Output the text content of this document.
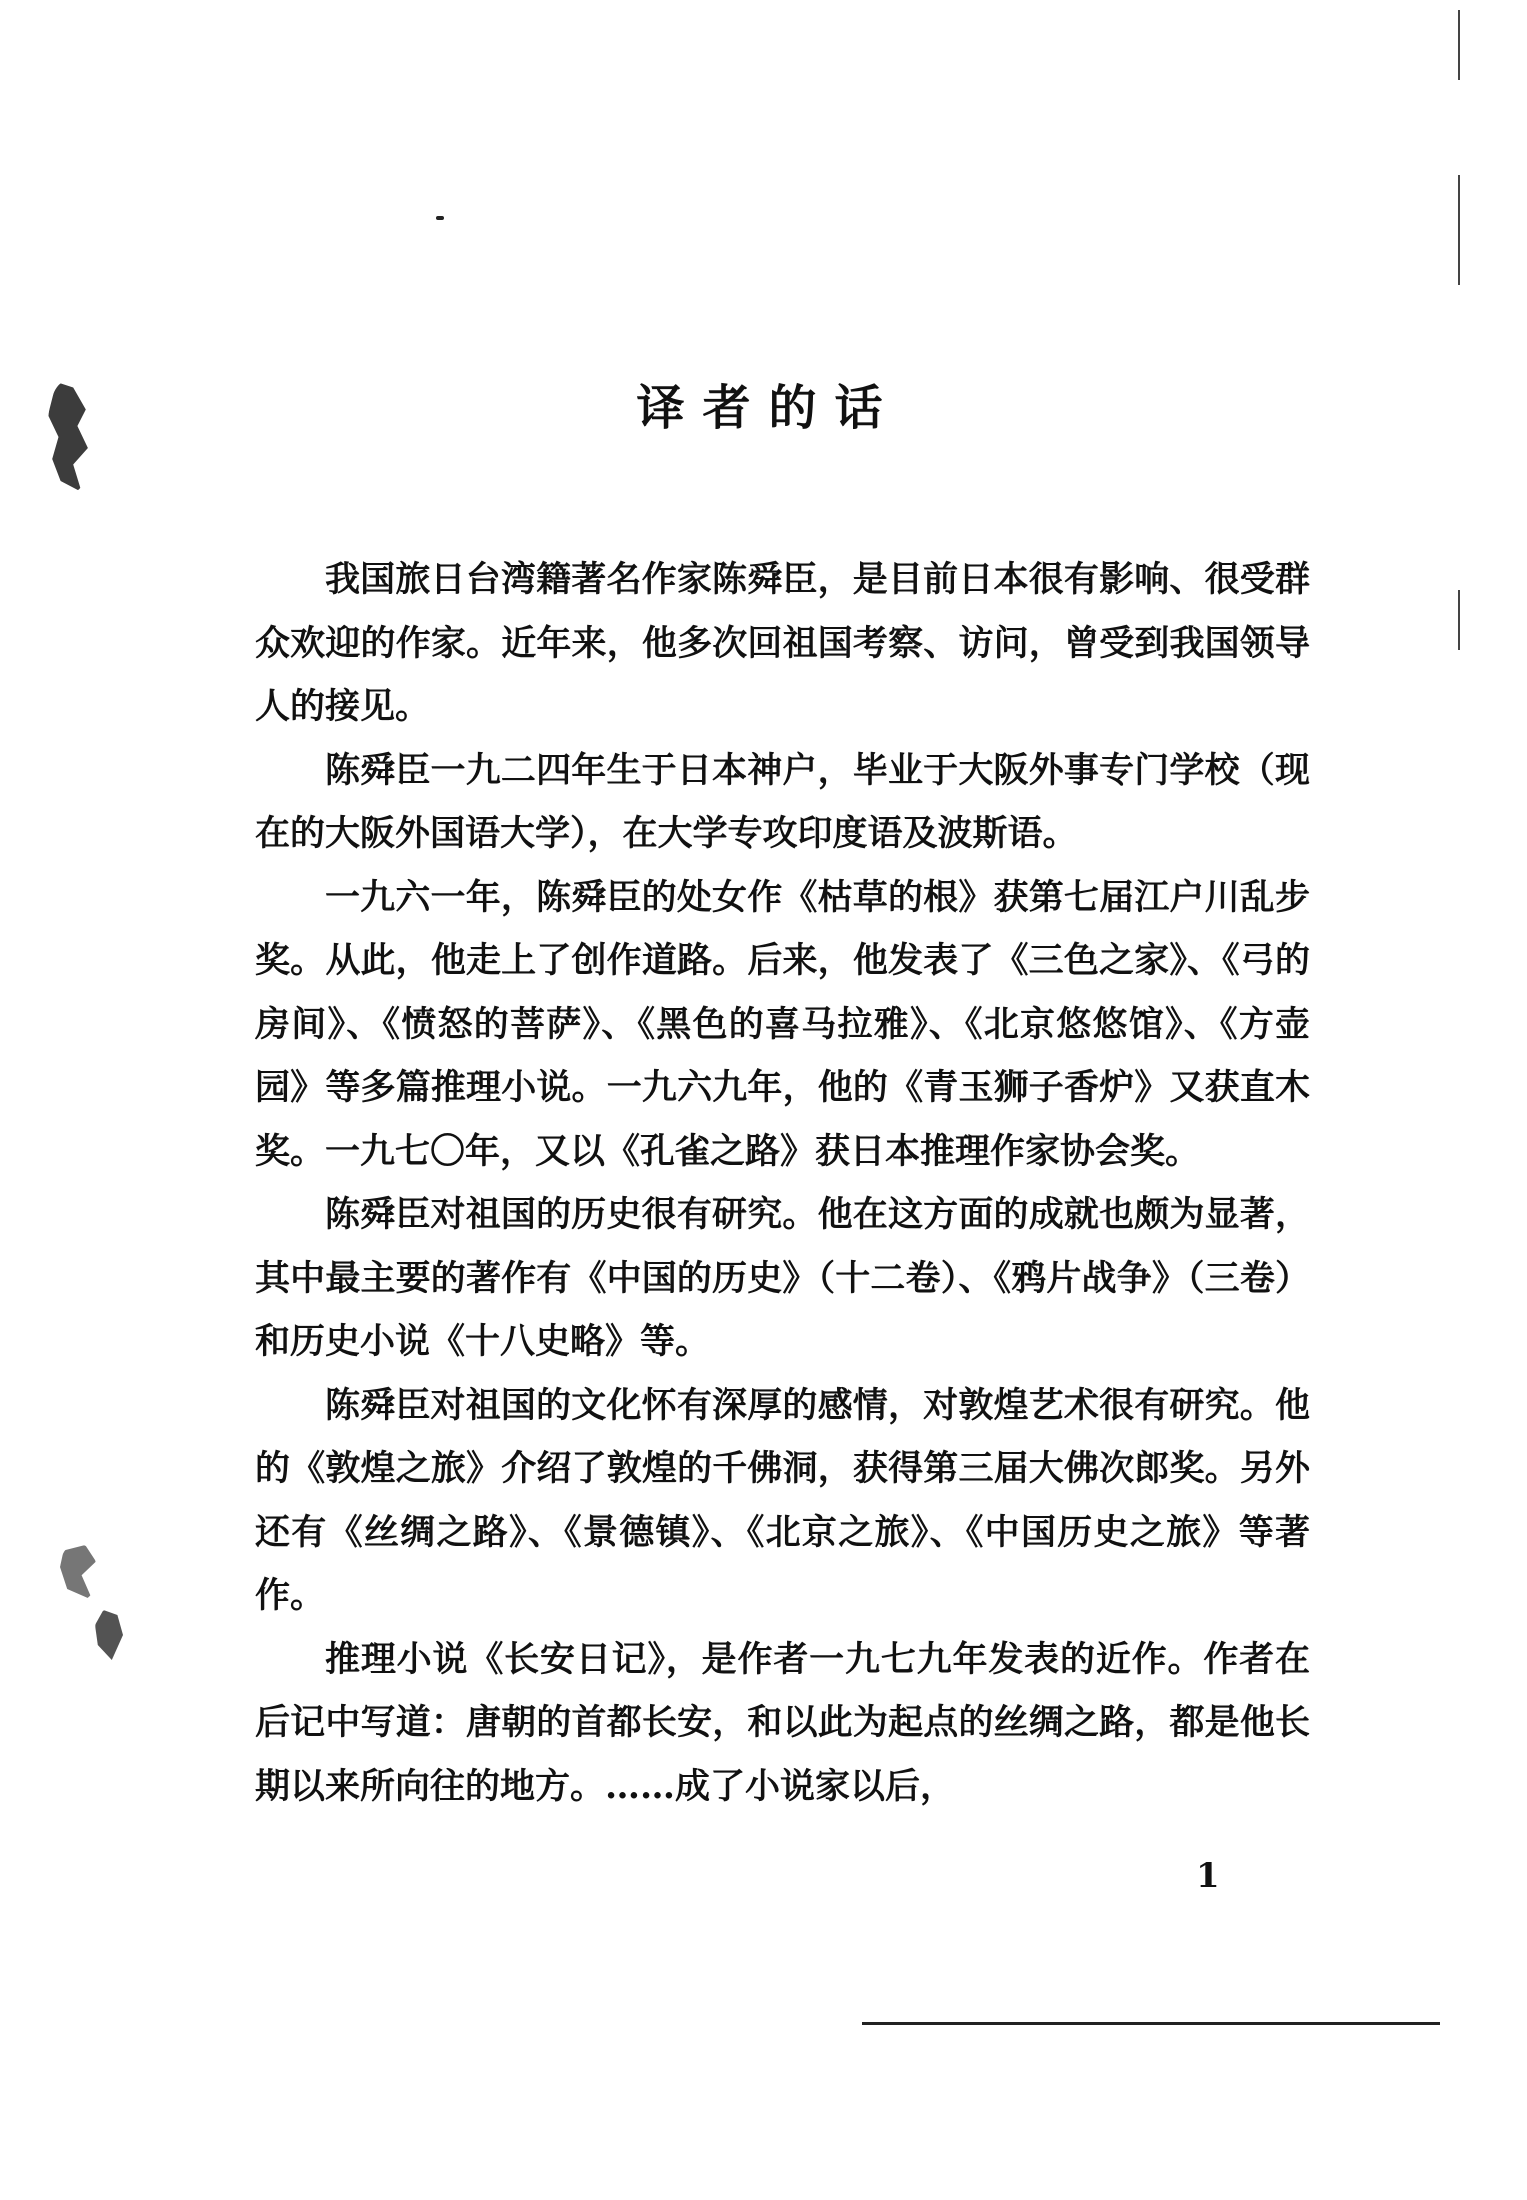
译者的话

我国旅日台湾籍著名作家陈舜臣，是目前日本很有影响、很受群众欢迎的作家。近年来，他多次回祖国考察、访问，曾受到我国领导人的接见。

陈舜臣一九二四年生于日本神户，毕业于大阪外事专门学校（现在的大阪外国语大学），在大学专攻印度语及波斯语。

一九六一年，陈舜臣的处女作《枯草的根》获第七届江户川乱步奖。从此，他走上了创作道路。后来，他发表了《三色之家》、《弓的房间》、《愤怒的菩萨》、《黑色的喜马拉雅》、《北京悠悠馆》、《方壶园》等多篇推理小说。一九六九年，他的《青玉狮子香炉》又获直木奖。一九七〇年，又以《孔雀之路》获日本推理作家协会奖。

陈舜臣对祖国的历史很有研究。他在这方面的成就也颇为显著，其中最主要的著作有《中国的历史》（十二卷）、《鸦片战争》（三卷）和历史小说《十八史略》等。

陈舜臣对祖国的文化怀有深厚的感情，对敦煌艺术很有研究。他的《敦煌之旅》介绍了敦煌的千佛洞，获得第三届大佛次郎奖。另外还有《丝绸之路》、《景德镇》、《北京之旅》、《中国历史之旅》等著作。

推理小说《长安日记》，是作者一九七九年发表的近作。作者在后记中写道：唐朝的首都长安，和以此为起点的丝绸之路，都是他长期以来所向往的地方。……成了小说家以后，

1
